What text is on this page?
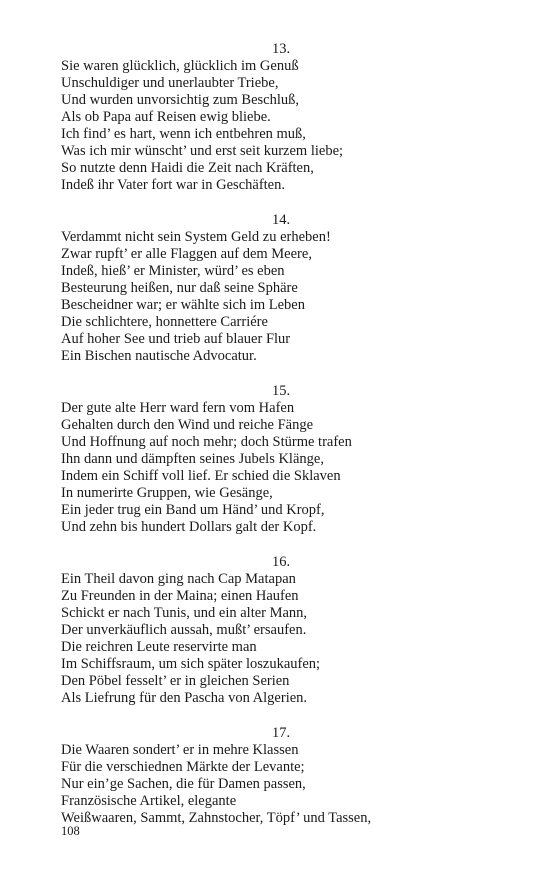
13.
Sie waren glücklich, glücklich im Genuß
Unschuldiger und unerlaubter Triebe,
Und wurden unvorsichtig zum Beschluß,
Als ob Papa auf Reisen ewig bliebe.
Ich find’ es hart, wenn ich entbehren muß,
Was ich mir wünscht’ und erst seit kurzem liebe;
So nutzte denn Haidi die Zeit nach Kräften,
Indeß ihr Vater fort war in Geschäften.
14.
Verdammt nicht sein System Geld zu erheben!
Zwar rupft’ er alle Flaggen auf dem Meere,
Indeß, hieß’ er Minister, würd’ es eben
Besteurung heißen, nur daß seine Sphäre
Bescheidner war; er wählte sich im Leben
Die schlichtere, honnettere Carriére
Auf hoher See und trieb auf blauer Flur
Ein Bischen nautische Advocatur.
15.
Der gute alte Herr ward fern vom Hafen
Gehalten durch den Wind und reiche Fänge
Und Hoffnung auf noch mehr; doch Stürme trafen
Ihn dann und dämpften seines Jubels Klänge,
Indem ein Schiff voll lief. Er schied die Sklaven
In numerirte Gruppen, wie Gesänge,
Ein jeder trug ein Band um Händ’ und Kropf,
Und zehn bis hundert Dollars galt der Kopf.
16.
Ein Theil davon ging nach Cap Matapan
Zu Freunden in der Maina; einen Haufen
Schickt er nach Tunis, und ein alter Mann,
Der unverkäuflich aussah, mußt’ ersaufen.
Die reichren Leute reservirte man
Im Schiffsraum, um sich später loszukaufen;
Den Pöbel fesselt’ er in gleichen Serien
Als Liefrung für den Pascha von Algerien.
17.
Die Waaren sondert’ er in mehre Klassen
Für die verschiednen Märkte der Levante;
Nur ein’ge Sachen, die für Damen passen,
Französische Artikel, elegante
Weißwaaren, Sammt, Zahnstocher, Töpf’ und Tassen,
108
